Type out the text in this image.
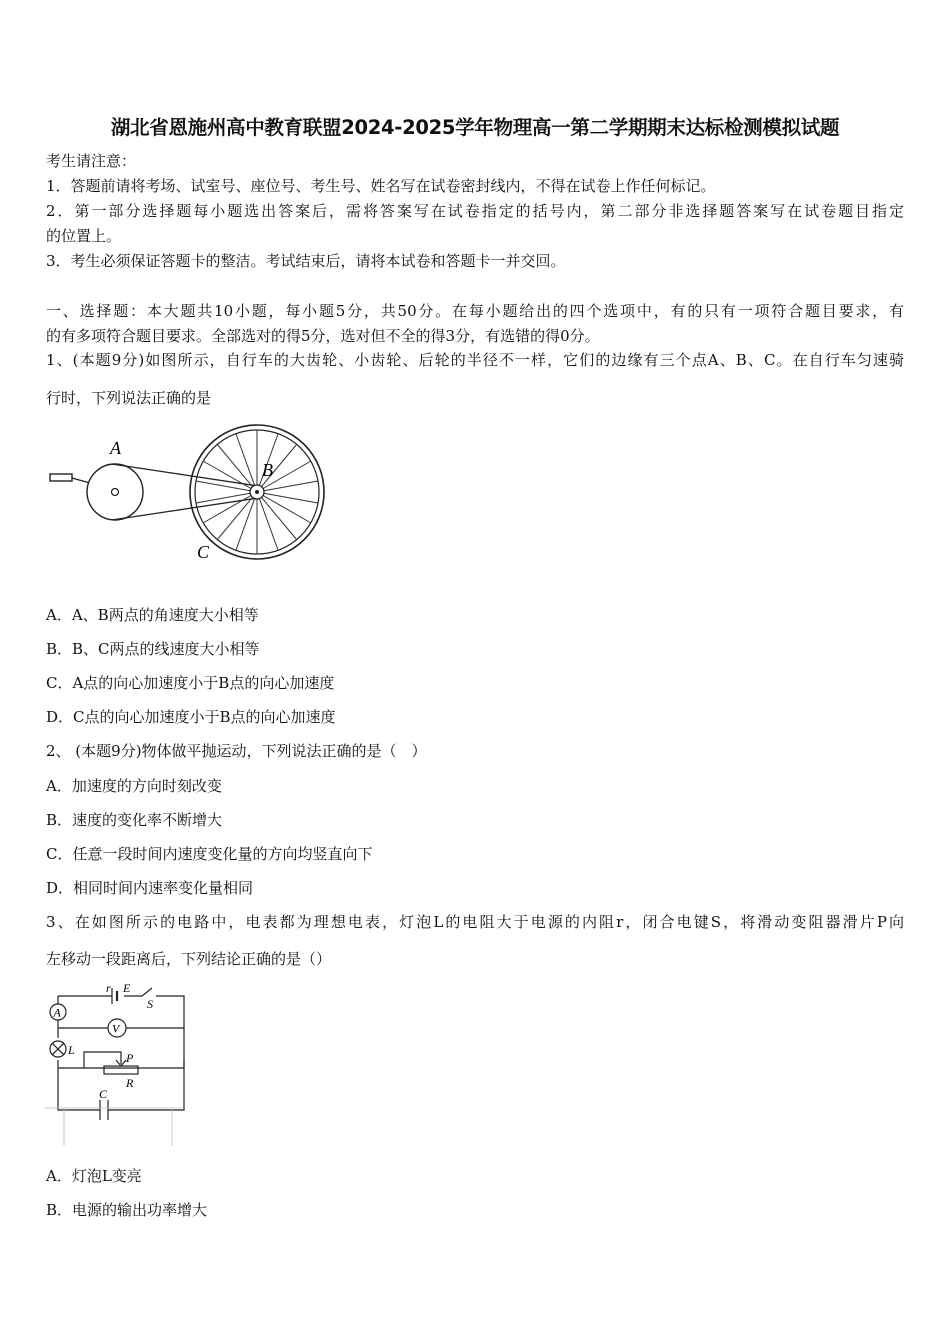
湖北省恩施州高中教育联盟2024-2025学年物理高一第二学期期末达标检测模拟试题
考生请注意：
1．答题前请将考场、试室号、座位号、考生号、姓名写在试卷密封线内，不得在试卷上作任何标记。
2．第一部分选择题每小题选出答案后，需将答案写在试卷指定的括号内，第二部分非选择题答案写在试卷题目指定
的位置上。
3．考生必须保证答题卡的整洁。考试结束后，请将本试卷和答题卡一并交回。
一、选择题：本大题共10小题，每小题5分，共50分。在每小题给出的四个选项中，有的只有一项符合题目要求，有
的有多项符合题目要求。全部选对的得5分，选对但不全的得3分，有选错的得0分。
1、(本题9分)如图所示，自行车的大齿轮、小齿轮、后轮的半径不一样，它们的边缘有三个点A、B、C。在自行车匀速骑
行时，下列说法正确的是
A
B
C
A．A、B两点的角速度大小相等
B．B、C两点的线速度大小相等
C．A点的向心加速度小于B点的向心加速度
D．C点的向心加速度小于B点的向心加速度
2、 (本题9分)物体做平抛运动，下列说法正确的是（　）
A．加速度的方向时刻改变
B．速度的变化率不断增大
C．任意一段时间内速度变化量的方向均竖直向下
D．相同时间内速率变化量相同
3、在如图所示的电路中，电表都为理想电表，灯泡L的电阻大于电源的内阻r，闭合电键S，将滑动变阻器滑片P向
左移动一段距离后，下列结论正确的是（）
A
V
r E
S
L
P
R
C
A．灯泡L变亮
B．电源的输出功率增大
